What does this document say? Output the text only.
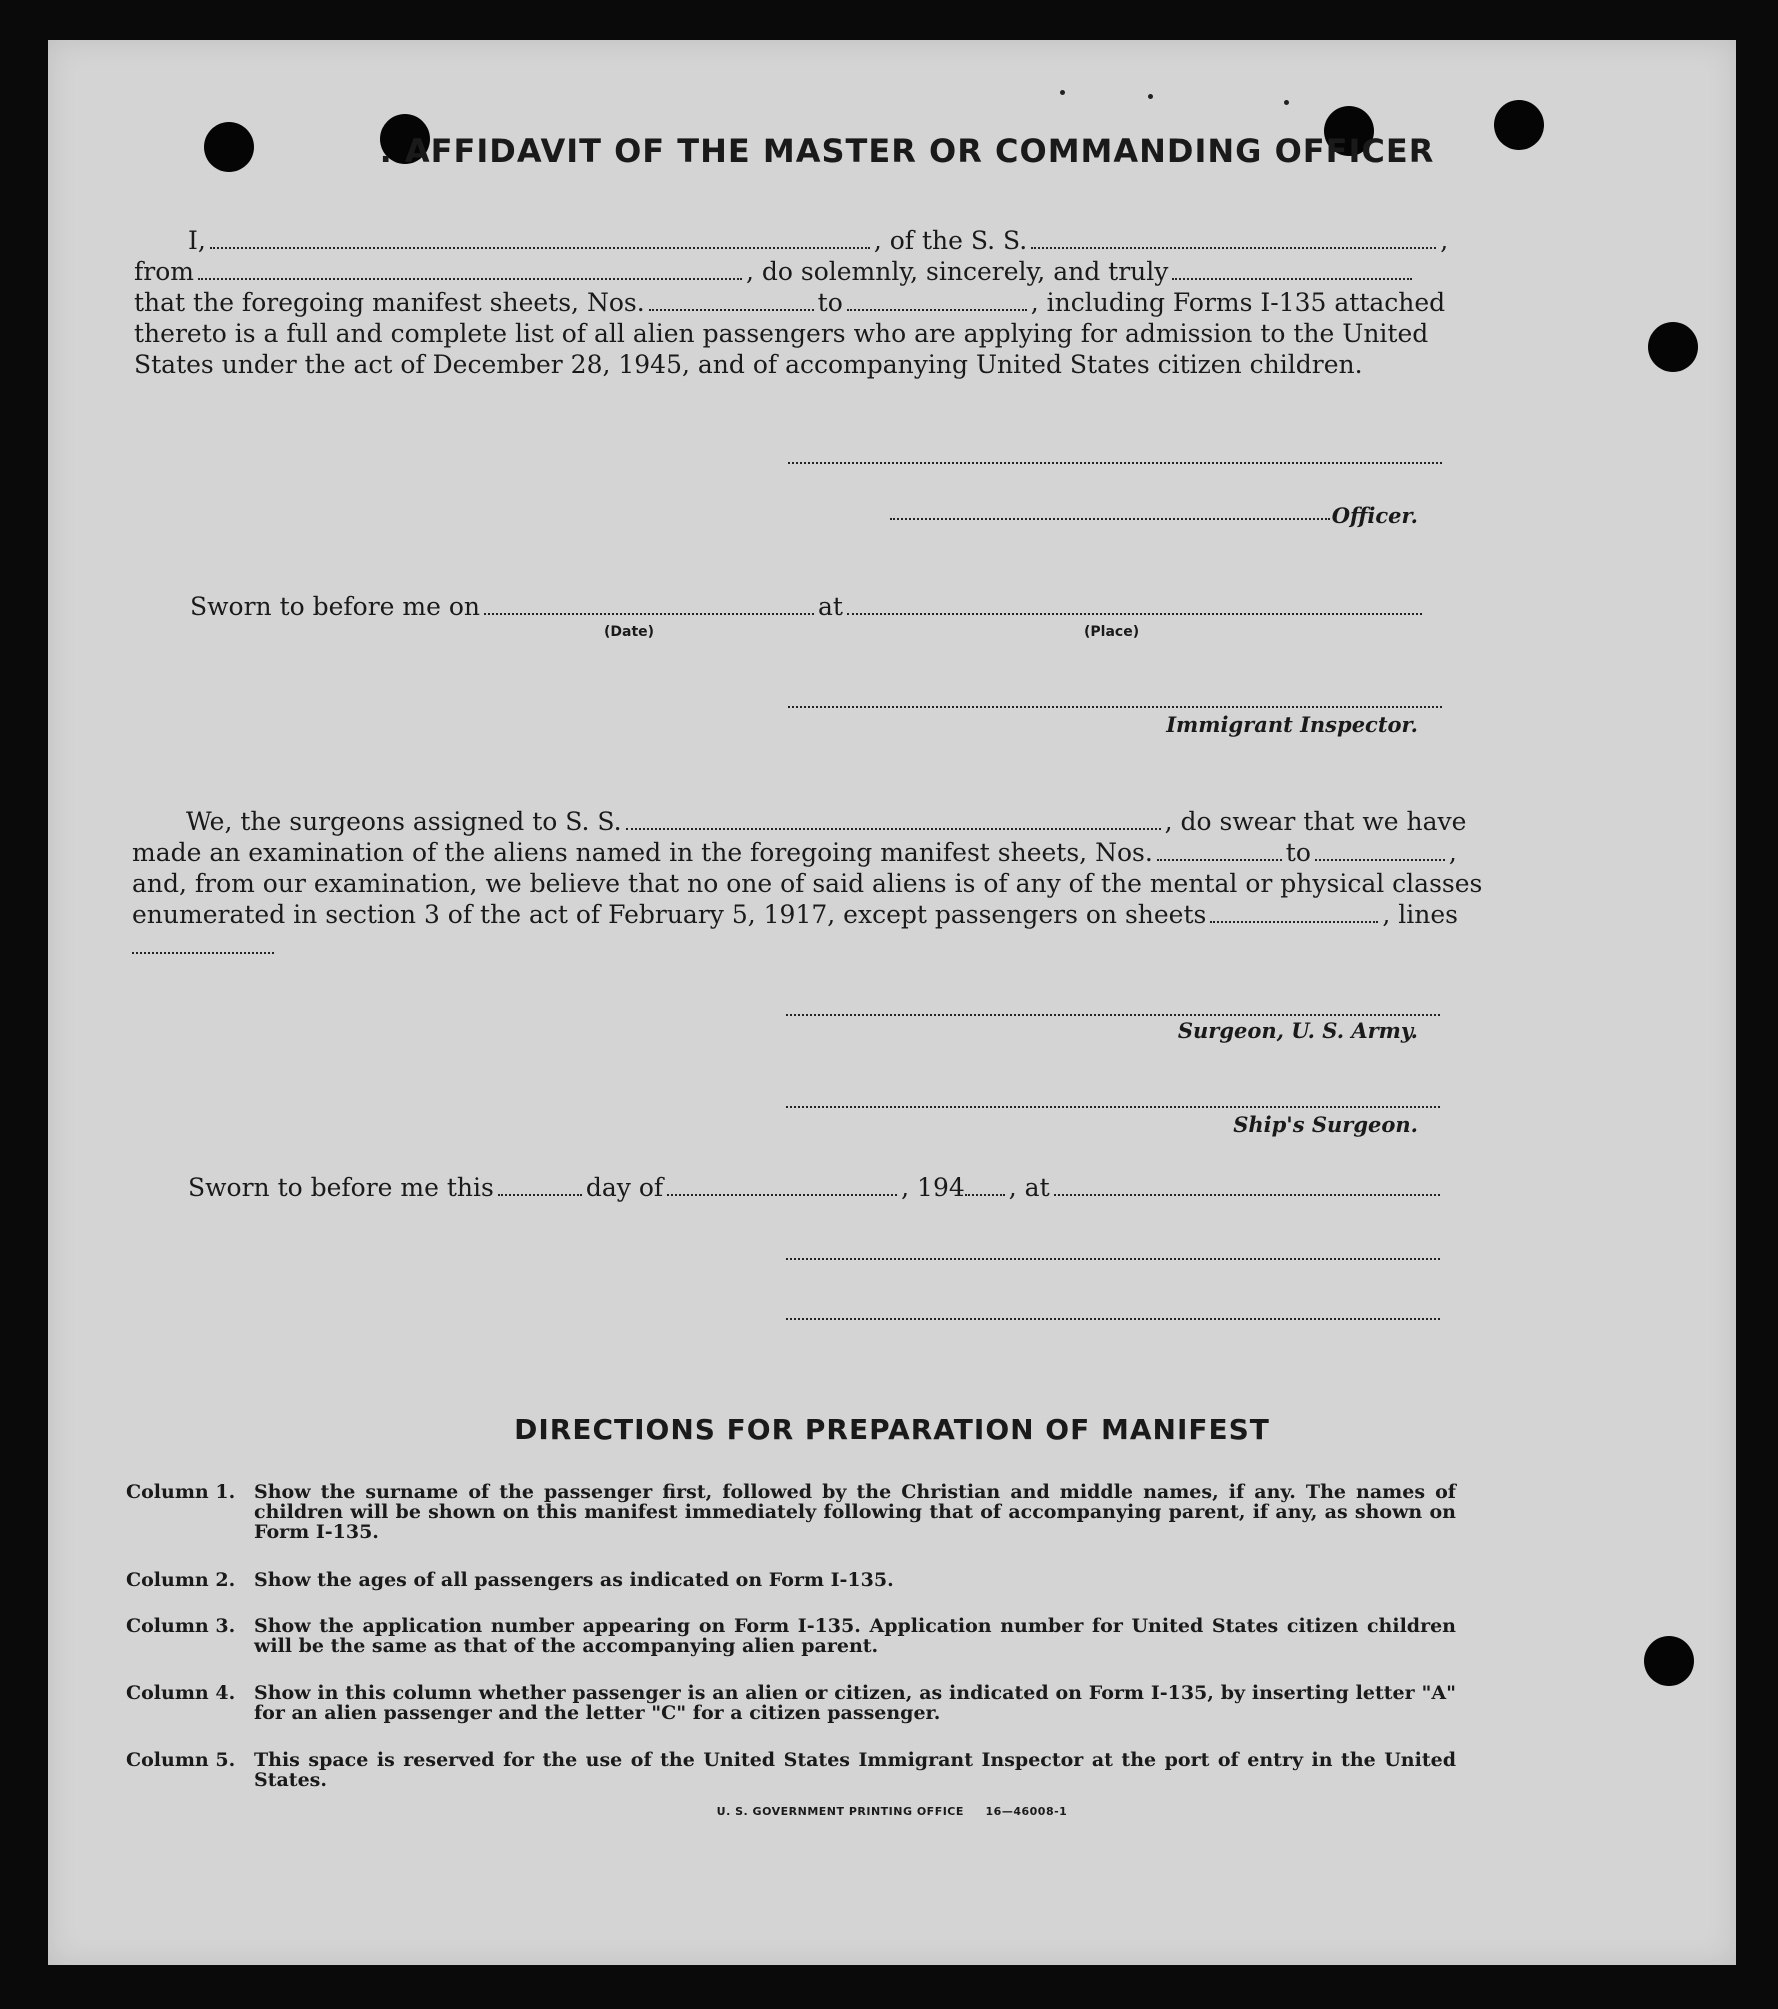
. AFFIDAVIT OF THE MASTER OR COMMANDING OFFICER
I,	, of the S. S.	,
from	, do solemnly, sincerely, and truly
that the foregoing manifest sheets, Nos.	to	, including Forms I-135 attached
thereto is a full and complete list of all alien passengers who are applying for admission to the United
States under the act of December 28, 1945, and of accompanying United States citizen children.
Officer.
Sworn to before me on	at
(Date)	(Place)
Immigrant Inspector.
We, the surgeons assigned to S. S.	, do swear that we have
made an examination of the aliens named in the foregoing manifest sheets, Nos.	to	,
and, from our examination, we believe that no one of said aliens is of any of the mental or physical classes
enumerated in section 3 of the act of February 5, 1917, except passengers on sheets	, lines
Surgeon, U. S. Army.
Ship's Surgeon.
Sworn to before me this	day of	, 194 , at
DIRECTIONS FOR PREPARATION OF MANIFEST
Column 1. Show the surname of the passenger first, followed by the Christian and middle names, if any. The names of children will be shown on this manifest immediately following that of accompanying parent, if any, as shown on Form I-135.
Column 2. Show the ages of all passengers as indicated on Form I-135.
Column 3. Show the application number appearing on Form I-135. Application number for United States citizen children will be the same as that of the accompanying alien parent.
Column 4. Show in this column whether passenger is an alien or citizen, as indicated on Form I-135, by inserting letter "A" for an alien passenger and the letter "C" for a citizen passenger.
Column 5. This space is reserved for the use of the United States Immigrant Inspector at the port of entry in the United States.
U. S. GOVERNMENT PRINTING OFFICE     16—46008-1
